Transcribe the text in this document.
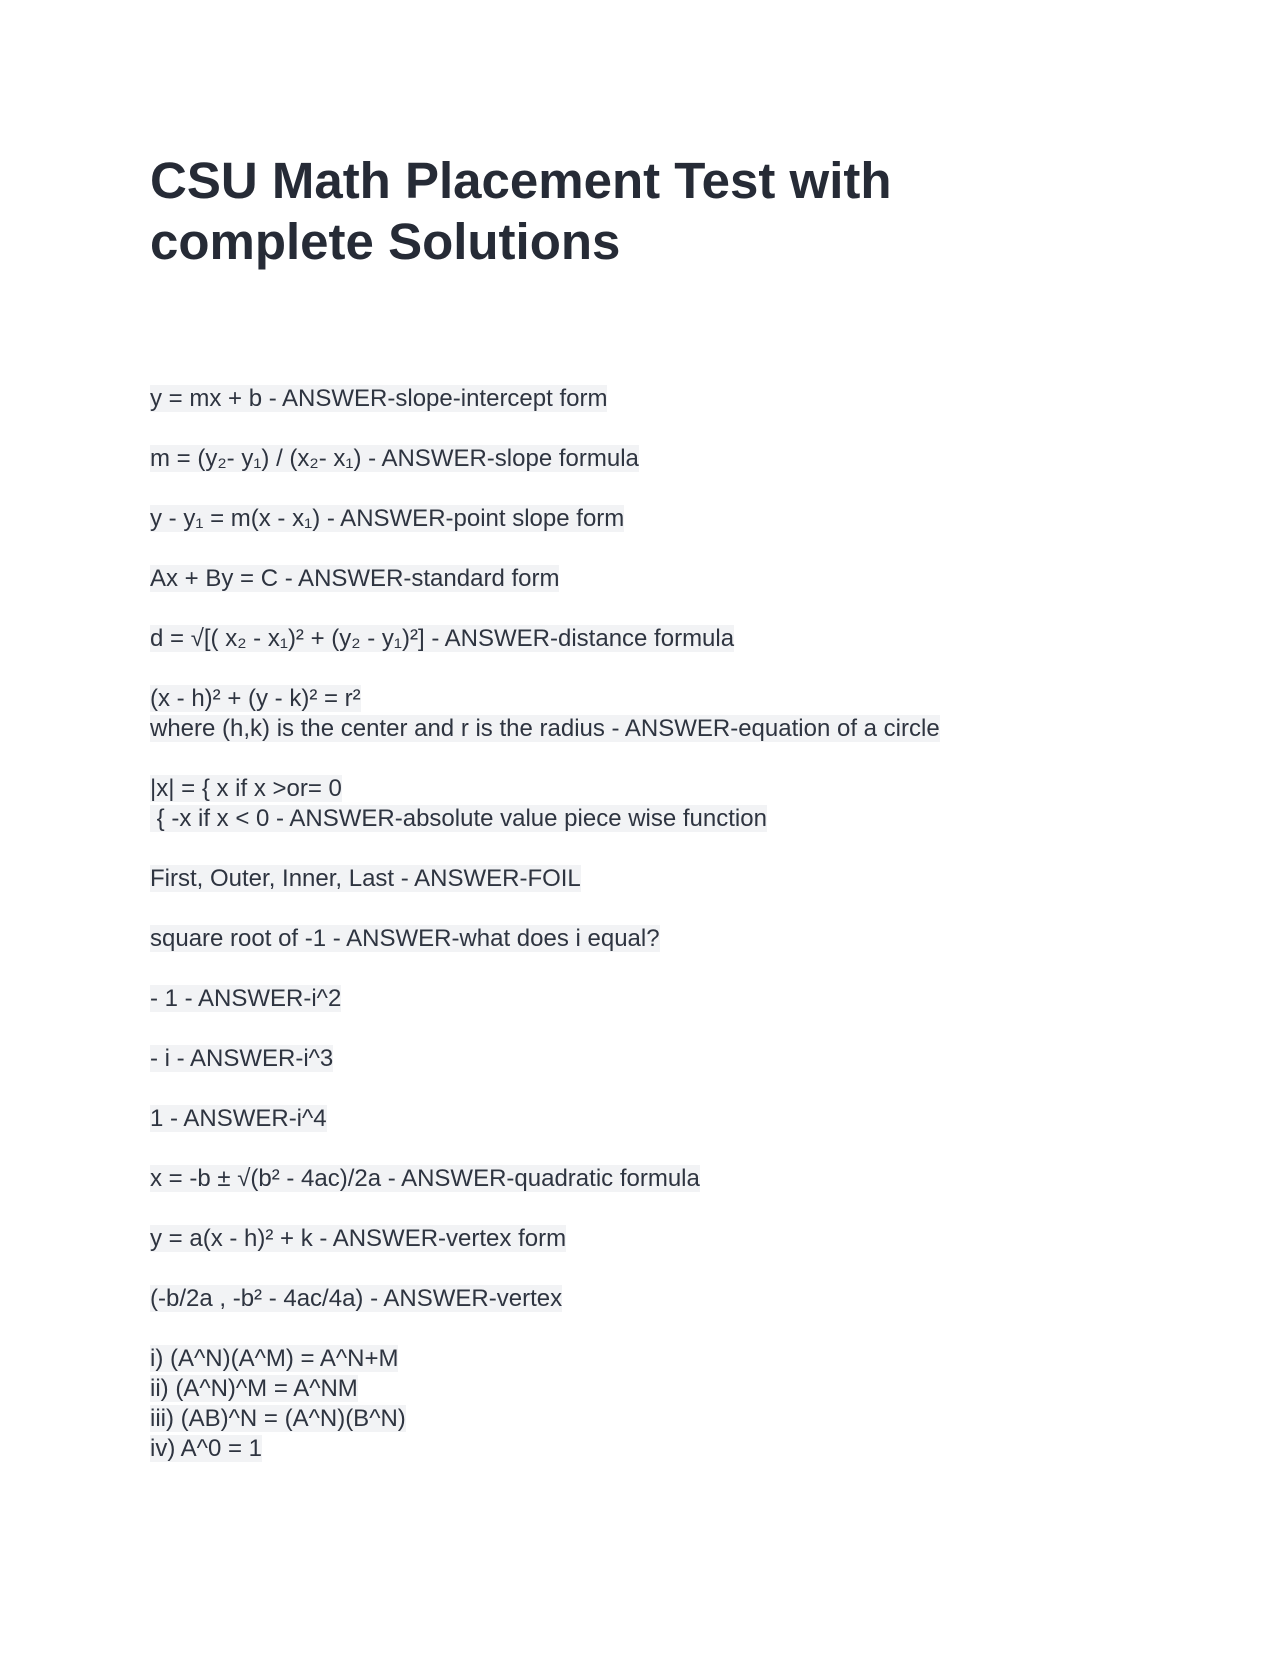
CSU Math Placement Test with
complete Solutions
y = mx + b - ANSWER-slope-intercept form
m = (y₂- y₁) / (x₂- x₁) - ANSWER-slope formula
y - y₁ = m(x - x₁) - ANSWER-point slope form
Ax + By = C - ANSWER-standard form
d = √[( x₂ - x₁)² + (y₂ - y₁)²] - ANSWER-distance formula
(x - h)² + (y - k)² = r²
where (h,k) is the center and r is the radius - ANSWER-equation of a circle
|x| = { x if x >or= 0
{ -x if x < 0 - ANSWER-absolute value piece wise function
First, Outer, Inner, Last - ANSWER-FOIL
square root of -1 - ANSWER-what does i equal?
- 1 - ANSWER-i^2
- i - ANSWER-i^3
1 - ANSWER-i^4
x = -b ± √(b² - 4ac)/2a - ANSWER-quadratic formula
y = a(x - h)² + k - ANSWER-vertex form
(-b/2a , -b² - 4ac/4a) - ANSWER-vertex
i) (A^N)(A^M) = A^N+M
ii) (A^N)^M = A^NM
iii) (AB)^N = (A^N)(B^N)
iv) A^0 = 1
